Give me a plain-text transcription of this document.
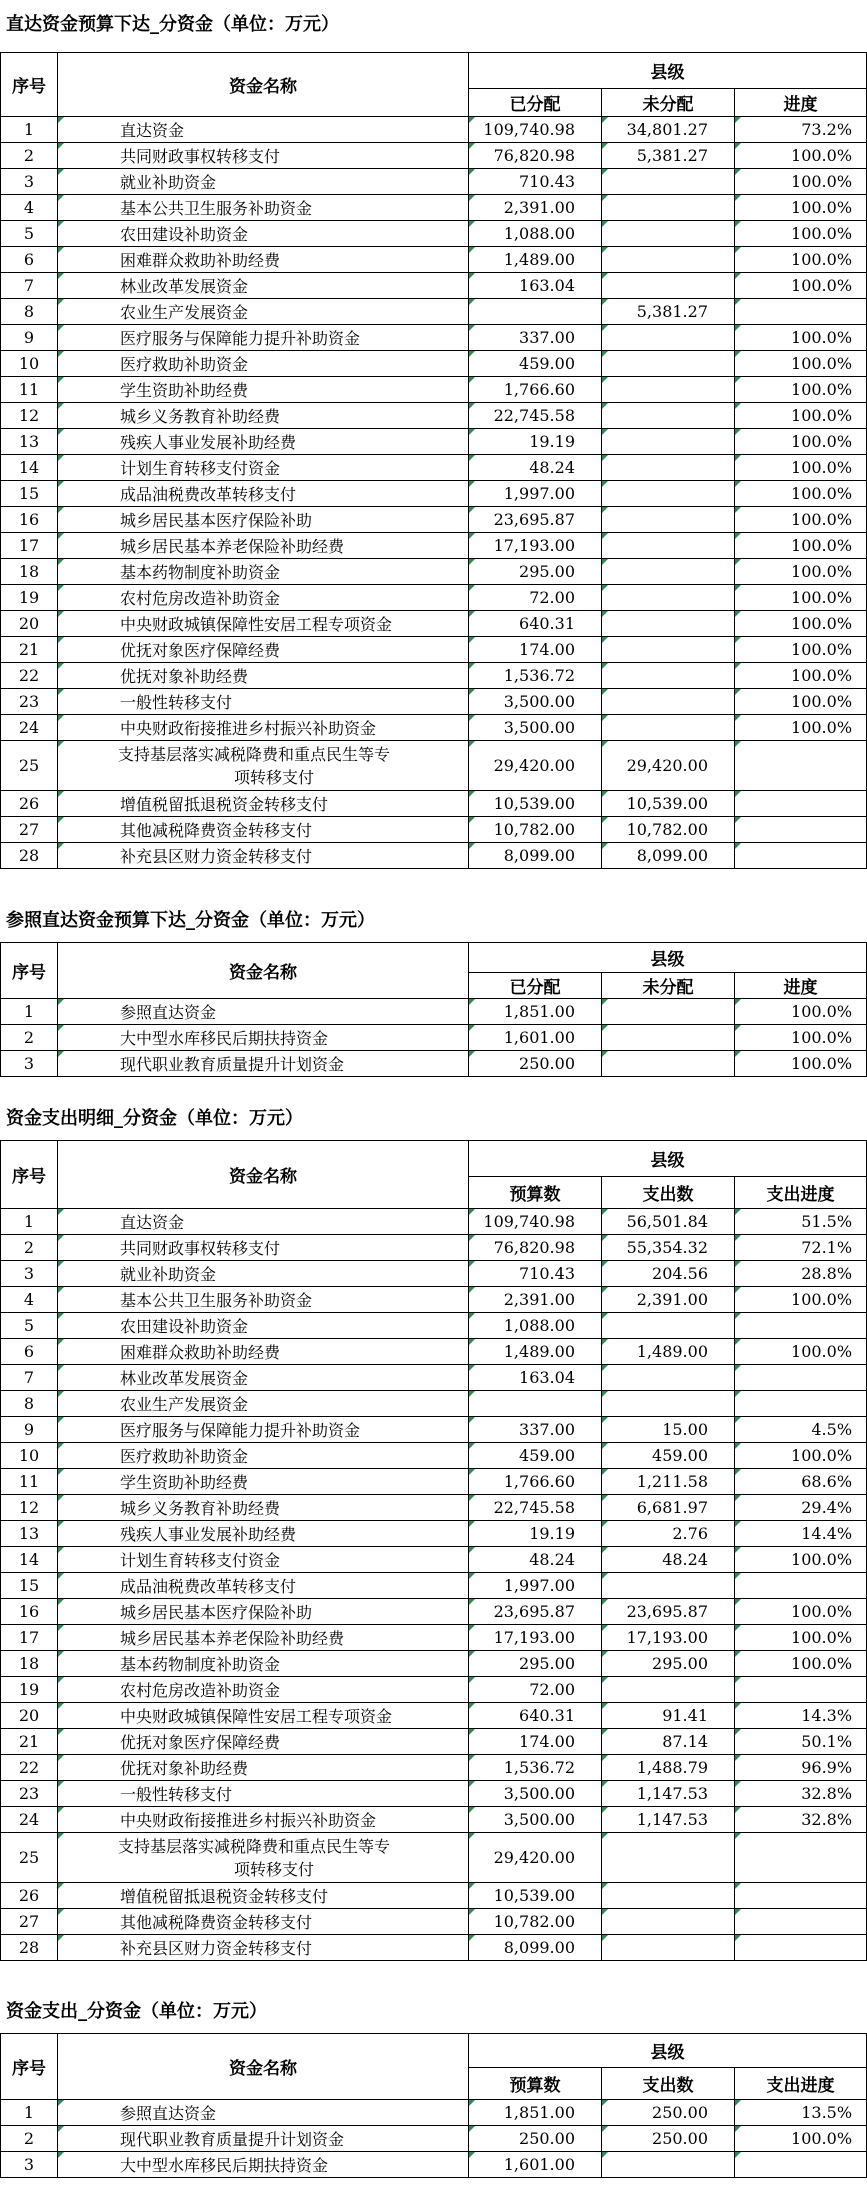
直达资金预算下达_分资金（单位：万元）
序号	资金名称	县级		
		已分配	未分配	进度
1	直达资金	109,740.98	34,801.27	73.2%
2	共同财政事权转移支付	76,820.98	5,381.27	100.0%
3	就业补助资金	710.43		100.0%
4	基本公共卫生服务补助资金	2,391.00		100.0%
5	农田建设补助资金	1,088.00		100.0%
6	困难群众救助补助经费	1,489.00		100.0%
7	林业改革发展资金	163.04		100.0%
8	农业生产发展资金		5,381.27	
9	医疗服务与保障能力提升补助资金	337.00		100.0%
10	医疗救助补助资金	459.00		100.0%
11	学生资助补助经费	1,766.60		100.0%
12	城乡义务教育补助经费	22,745.58		100.0%
13	残疾人事业发展补助经费	19.19		100.0%
14	计划生育转移支付资金	48.24		100.0%
15	成品油税费改革转移支付	1,997.00		100.0%
16	城乡居民基本医疗保险补助	23,695.87		100.0%
17	城乡居民基本养老保险补助经费	17,193.00		100.0%
18	基本药物制度补助资金	295.00		100.0%
19	农村危房改造补助资金	72.00		100.0%
20	中央财政城镇保障性安居工程专项资金	640.31		100.0%
21	优抚对象医疗保障经费	174.00		100.0%
22	优抚对象补助经费	1,536.72		100.0%
23	一般性转移支付	3,500.00		100.0%
24	中央财政衔接推进乡村振兴补助资金	3,500.00		100.0%
25	支持基层落实减税降费和重点民生等专
项转移支付	29,420.00	29,420.00	
26	增值税留抵退税资金转移支付	10,539.00	10,539.00	
27	其他减税降费资金转移支付	10,782.00	10,782.00	
28	补充县区财力资金转移支付	8,099.00	8,099.00	
参照直达资金预算下达_分资金（单位：万元）
序号	资金名称	县级		
		已分配	未分配	进度
1	参照直达资金	1,851.00		100.0%
2	大中型水库移民后期扶持资金	1,601.00		100.0%
3	现代职业教育质量提升计划资金	250.00		100.0%
资金支出明细_分资金（单位：万元）
序号	资金名称	县级		
		预算数	支出数	支出进度
1	直达资金	109,740.98	56,501.84	51.5%
2	共同财政事权转移支付	76,820.98	55,354.32	72.1%
3	就业补助资金	710.43	204.56	28.8%
4	基本公共卫生服务补助资金	2,391.00	2,391.00	100.0%
5	农田建设补助资金	1,088.00		
6	困难群众救助补助经费	1,489.00	1,489.00	100.0%
7	林业改革发展资金	163.04		
8	农业生产发展资金			
9	医疗服务与保障能力提升补助资金	337.00	15.00	4.5%
10	医疗救助补助资金	459.00	459.00	100.0%
11	学生资助补助经费	1,766.60	1,211.58	68.6%
12	城乡义务教育补助经费	22,745.58	6,681.97	29.4%
13	残疾人事业发展补助经费	19.19	2.76	14.4%
14	计划生育转移支付资金	48.24	48.24	100.0%
15	成品油税费改革转移支付	1,997.00		
16	城乡居民基本医疗保险补助	23,695.87	23,695.87	100.0%
17	城乡居民基本养老保险补助经费	17,193.00	17,193.00	100.0%
18	基本药物制度补助资金	295.00	295.00	100.0%
19	农村危房改造补助资金	72.00		
20	中央财政城镇保障性安居工程专项资金	640.31	91.41	14.3%
21	优抚对象医疗保障经费	174.00	87.14	50.1%
22	优抚对象补助经费	1,536.72	1,488.79	96.9%
23	一般性转移支付	3,500.00	1,147.53	32.8%
24	中央财政衔接推进乡村振兴补助资金	3,500.00	1,147.53	32.8%
25	支持基层落实减税降费和重点民生等专
项转移支付	29,420.00		
26	增值税留抵退税资金转移支付	10,539.00		
27	其他减税降费资金转移支付	10,782.00		
28	补充县区财力资金转移支付	8,099.00		
资金支出_分资金（单位：万元）
序号	资金名称	县级		
		预算数	支出数	支出进度
1	参照直达资金	1,851.00	250.00	13.5%
2	现代职业教育质量提升计划资金	250.00	250.00	100.0%
3	大中型水库移民后期扶持资金	1,601.00		
